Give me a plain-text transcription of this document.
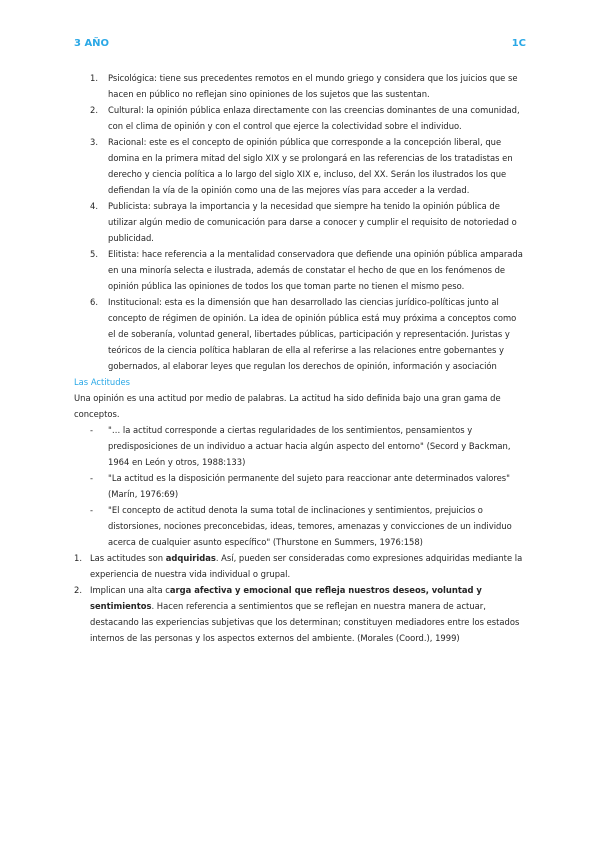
3 AÑO	1C
1. Psicológica: tiene sus precedentes remotos en el mundo griego y considera que los juicios que se hacen en público no reflejan sino opiniones de los sujetos que las sustentan.
2. Cultural: la opinión pública enlaza directamente con las creencias dominantes de una comunidad, con el clima de opinión y con el control que ejerce la colectividad sobre el individuo.
3. Racional: este es el concepto de opinión pública que corresponde a la concepción liberal, que domina en la primera mitad del siglo XIX y se prolongará en las referencias de los tratadistas en derecho y ciencia política a lo largo del siglo XIX e, incluso, del XX. Serán los ilustrados los que defiendan la vía de la opinión como una de las mejores vías para acceder a la verdad.
4. Publicista: subraya la importancia y la necesidad que siempre ha tenido la opinión pública de utilizar algún medio de comunicación para darse a conocer y cumplir el requisito de notoriedad o publicidad.
5. Elitista: hace referencia a la mentalidad conservadora que defiende una opinión pública amparada en una minoría selecta e ilustrada, además de constatar el hecho de que en los fenómenos de opinión pública las opiniones de todos los que toman parte no tienen el mismo peso.
6. Institucional: esta es la dimensión que han desarrollado las ciencias jurídico-políticas junto al concepto de régimen de opinión. La idea de opinión pública está muy próxima a conceptos como el de soberanía, voluntad general, libertades públicas, participación y representación. Juristas y teóricos de la ciencia política hablaran de ella al referirse a las relaciones entre gobernantes y gobernados, al elaborar leyes que regulan los derechos de opinión, información y asociación
Las Actitudes
Una opinión es una actitud por medio de palabras. La actitud ha sido definida bajo una gran gama de conceptos.
- "… la actitud corresponde a ciertas regularidades de los sentimientos, pensamientos y predisposiciones de un individuo a actuar hacia algún aspecto del entorno" (Secord y Backman, 1964 en León y otros, 1988:133)
- "La actitud es la disposición permanente del sujeto para reaccionar ante determinados valores" (Marín, 1976:69)
- "El concepto de actitud denota la suma total de inclinaciones y sentimientos, prejuicios o distorsiones, nociones preconcebidas, ideas, temores, amenazas y convicciones de un individuo acerca de cualquier asunto específico" (Thurstone en Summers, 1976:158)
1. Las actitudes son adquiridas. Así, pueden ser consideradas como expresiones adquiridas mediante la experiencia de nuestra vida individual o grupal.
2. Implican una alta carga afectiva y emocional que refleja nuestros deseos, voluntad y sentimientos. Hacen referencia a sentimientos que se reflejan en nuestra manera de actuar, destacando las experiencias subjetivas que los determinan; constituyen mediadores entre los estados internos de las personas y los aspectos externos del ambiente. (Morales (Coord.), 1999)
